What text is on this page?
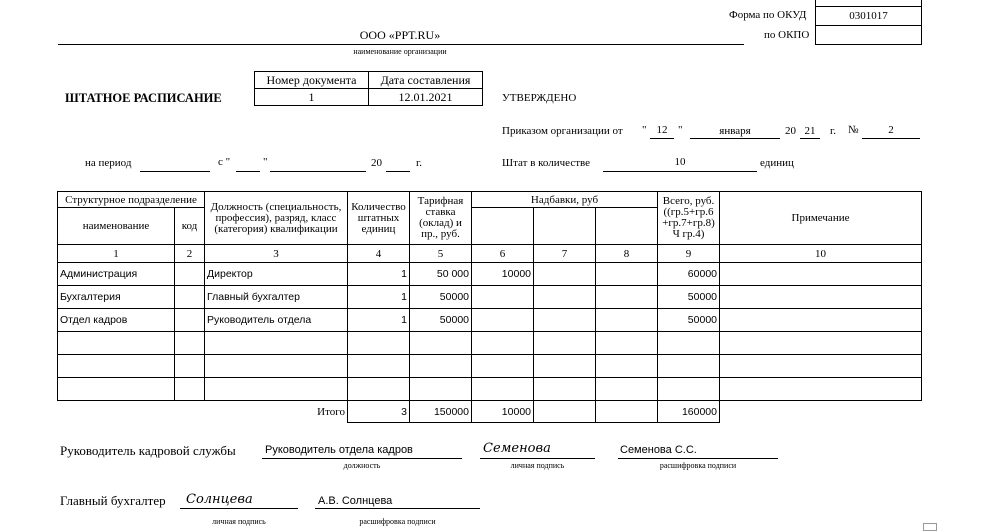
Форма по ОКУД	0301017
по ОКПО
ООО «PPT.RU»
наименование организации
ШТАТНОЕ РАСПИСАНИЕ
Номер документа	Дата составления
1	12.01.2021	УТВЕРЖДЕНО
Приказом организации от " 12 "	января	20 21	г. №	2
на период	с "	"	20	г.	Штат в количестве	10	единиц
Структурное подразделение		Должность (специальность, профессия), разряд, класс (категория) квалификации	Количество штатных единиц	Тарифная ставка (оклад) и пр., руб.	Надбавки, руб			Всего, руб. ((гр.5+гр.6 +гр.7+гр.8) Ч гр.4)	Примечание
наименование	код								
1	2	3	4	5	6	7	8	9	10
Администрация		Директор	1	50 000	10000			60000	
Бухгалтерия		Главный бухгалтер	1	50000				50000	
Отдел кадров		Руководитель отдела	1	50000				50000	

		Итого	3	150000	10000			160000	
Руководитель кадровой службы	Руководитель отдела кадров
должность
Семенова
личная подпись
Семенова С.С.
расшифровка подписи
Главный бухгалтер Солнцева
личная подпись
А.В. Солнцева
расшифровка подписи
